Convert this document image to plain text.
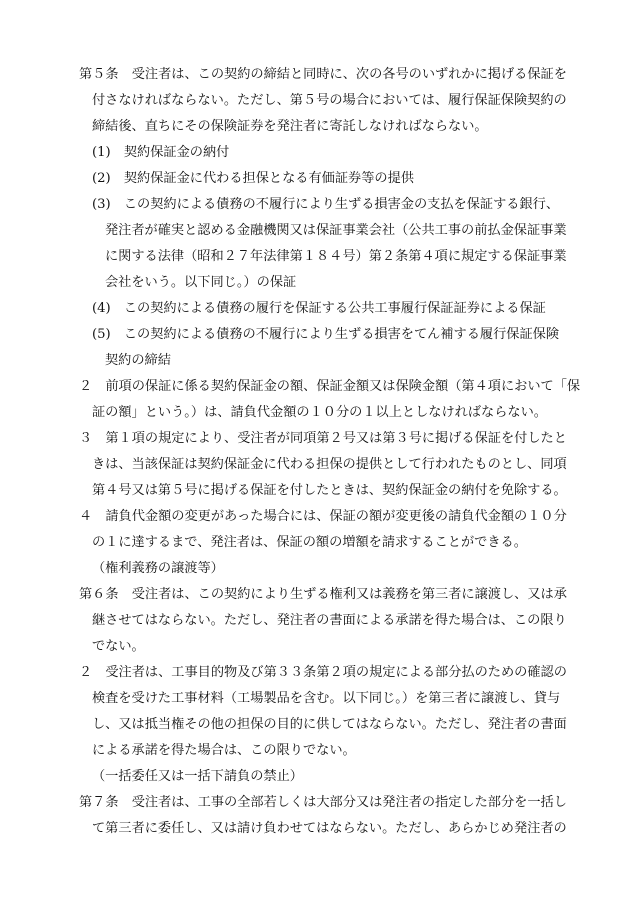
第５条　受注者は、この契約の締結と同時に、次の各号のいずれかに掲げる保証を
付さなければならない。ただし、第５号の場合においては、履行保証保険契約の
締結後、直ちにその保険証券を発注者に寄託しなければならない。
(1)　契約保証金の納付
(2)　契約保証金に代わる担保となる有価証券等の提供
(3)　この契約による債務の不履行により生ずる損害金の支払を保証する銀行、
発注者が確実と認める金融機関又は保証事業会社（公共工事の前払金保証事業
に関する法律（昭和２７年法律第１８４号）第２条第４項に規定する保証事業
会社をいう。以下同じ。）の保証
(4)　この契約による債務の履行を保証する公共工事履行保証証券による保証
(5)　この契約による債務の不履行により生ずる損害をてん補する履行保証保険
契約の締結
２　前項の保証に係る契約保証金の額、保証金額又は保険金額（第４項において「保
証の額」という。）は、請負代金額の１０分の１以上としなければならない。
３　第１項の規定により、受注者が同項第２号又は第３号に掲げる保証を付したと
きは、当該保証は契約保証金に代わる担保の提供として行われたものとし、同項
第４号又は第５号に掲げる保証を付したときは、契約保証金の納付を免除する。
４　請負代金額の変更があった場合には、保証の額が変更後の請負代金額の１０分
の１に達するまで、発注者は、保証の額の増額を請求することができる。
（権利義務の譲渡等）
第６条　受注者は、この契約により生ずる権利又は義務を第三者に譲渡し、又は承
継させてはならない。ただし、発注者の書面による承諾を得た場合は、この限り
でない。
２　受注者は、工事目的物及び第３３条第２項の規定による部分払のための確認の
検査を受けた工事材料（工場製品を含む。以下同じ。）を第三者に譲渡し、貸与
し、又は抵当権その他の担保の目的に供してはならない。ただし、発注者の書面
による承諾を得た場合は、この限りでない。
（一括委任又は一括下請負の禁止）
第７条　受注者は、工事の全部若しくは大部分又は発注者の指定した部分を一括し
て第三者に委任し、又は請け負わせてはならない。ただし、あらかじめ発注者の
